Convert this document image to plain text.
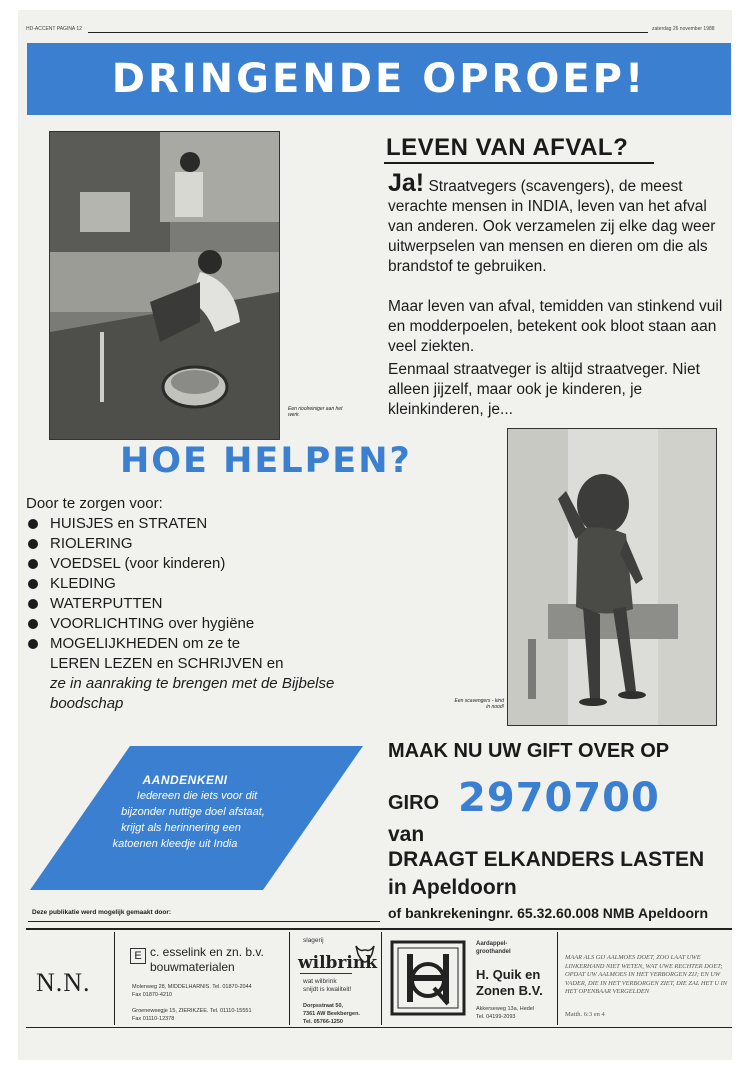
HD-ACCENT PAGINA 12	zaterdag 26 november 1988
DRINGENDE OPROEP!
Een rioolreiniger aan het werk.
LEVEN VAN AFVAL?
Ja! Straatvegers (scavengers), de meest verachte mensen in INDIA, leven van het afval van anderen. Ook verzamelen zij elke dag weer uitwerpselen van mensen en dieren om die als brandstof te gebruiken.
Maar leven van afval, temidden van stinkend vuil en modderpoelen, betekent ook bloot staan aan veel ziekten.
Eenmaal straatveger is altijd straatveger. Niet alleen jijzelf, maar ook je kinderen, je kleinkinderen, je...
HOE HELPEN?
Door te zorgen voor:
HUISJES en STRATEN
RIOLERING
VOEDSEL (voor kinderen)
KLEDING
WATERPUTTEN
VOORLICHTING over hygiëne
MOGELIJKHEDEN om ze te
LEREN LEZEN en SCHRIJVEN en
ze in aanraking te brengen met de Bijbelse
boodschap	Een scavengers - kind in nood!
AANDENKENI
Iedereen die iets voor dit
bijzonder nuttige doel afstaat,
krijgt als herinnering een
katoenen kleedje uit India
MAAK NU UW GIFT OVER OP
GIRO 2970700
van
DRAAGT ELKANDERS LASTEN
in Apeldoorn
of bankrekeningnr. 65.32.60.008 NMB Apeldoorn
Deze publikatie werd mogelijk gemaakt door:
N.N.
E c. esselink en zn. b.v.
bouwmaterialen
Molenweg 28, MIDDELHARNIS. Tel. 01870-2044
Fax 01870-4210
Groeneweegje 15, ZIERIKZEE. Tel. 01110-15551
Fax 01110-12378
slagerij
wilbrink
wat wilbrink
snijdt is kwaliteit!
Dorpsstraat 50,
7361 AW Beekbergen.
Tel. 05766-1250
Aardappel-
groothandel
H. Quik en
Zonen B.V.
Akkerseweg 13a, Hedel
Tel. 04199-2093
MAAR ALS GIJ AALMOES DOET, ZOO LAAT UWE LINKERHAND NIET WETEN, WAT UWE RECHTER DOET; OPDAT UW AALMOES IN HET VERBORGEN ZIJ; EN UW VADER, DIE IN HET VERBORGEN ZIET, DIE ZAL HET U IN HET OPENBAAR VERGELDEN
Matth. 6:3 en 4
